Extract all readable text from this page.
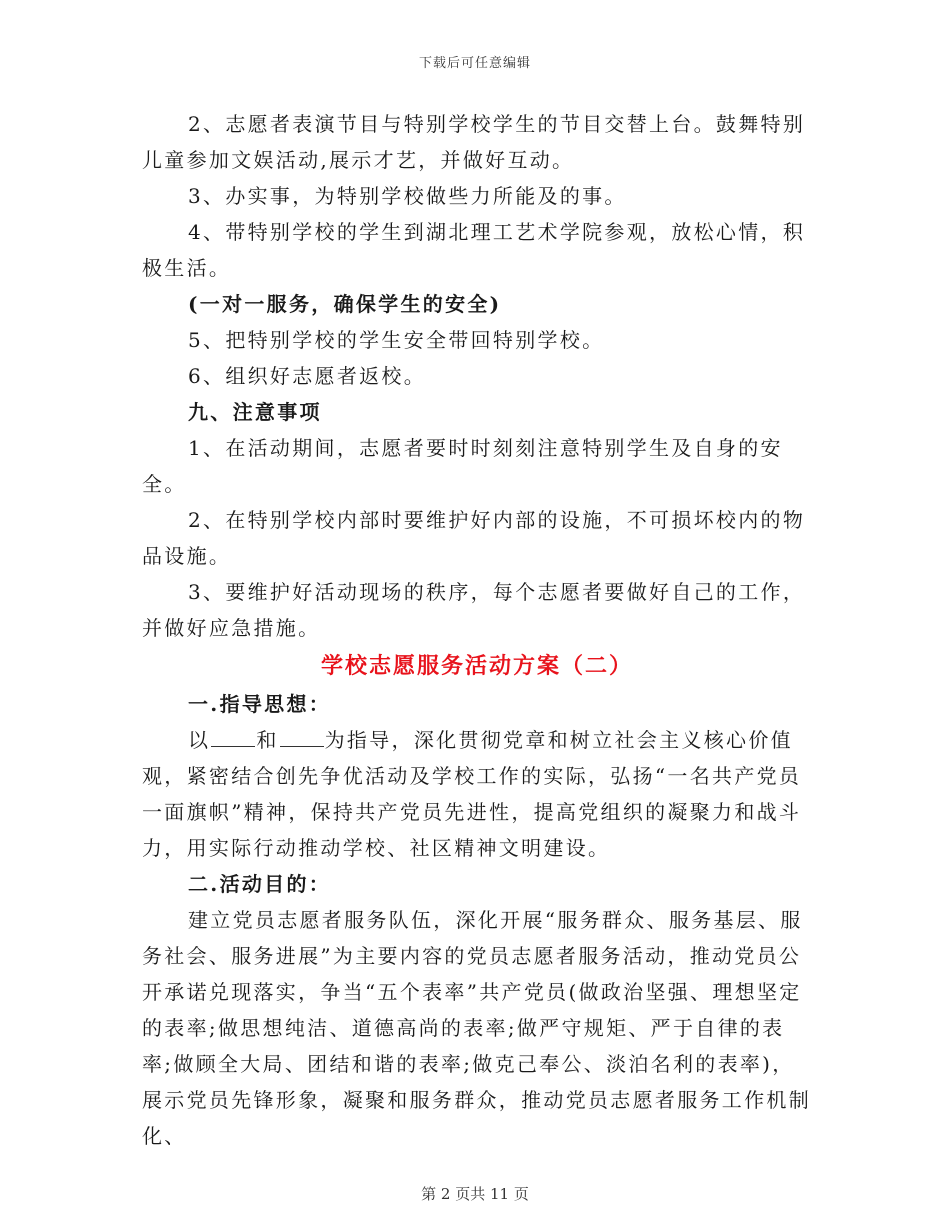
下载后可任意编辑

2、志愿者表演节目与特别学校学生的节目交替上台。鼓舞特别儿童参加文娱活动,展示才艺，并做好互动。

3、办实事，为特别学校做些力所能及的事。

4、带特别学校的学生到湖北理工艺术学院参观，放松心情，积极生活。

(一对一服务，确保学生的安全)

5、把特别学校的学生安全带回特别学校。

6、组织好志愿者返校。

九、注意事项

1、在活动期间，志愿者要时时刻刻注意特别学生及自身的安全。

2、在特别学校内部时要维护好内部的设施，不可损坏校内的物品设施。

3、要维护好活动现场的秩序，每个志愿者要做好自己的工作，并做好应急措施。

学校志愿服务活动方案（二）

一.指导思想：

以 和 为指导，深化贯彻党章和树立社会主义核心价值观，紧密结合创先争优活动及学校工作的实际，弘扬“一名共产党员一面旗帜”精神，保持共产党员先进性，提高党组织的凝聚力和战斗力，用实际行动推动学校、社区精神文明建设。

二.活动目的：

建立党员志愿者服务队伍，深化开展“服务群众、服务基层、服务社会、服务进展”为主要内容的党员志愿者服务活动，推动党员公开承诺兑现落实，争当“五个表率”共产党员(做政治坚强、理想坚定的表率;做思想纯洁、道德高尚的表率;做严守规矩、严于自律的表率;做顾全大局、团结和谐的表率;做克己奉公、淡泊名利的表率)，展示党员先锋形象，凝聚和服务群众，推动党员志愿者服务工作机制化、

第 2 页共 11 页
